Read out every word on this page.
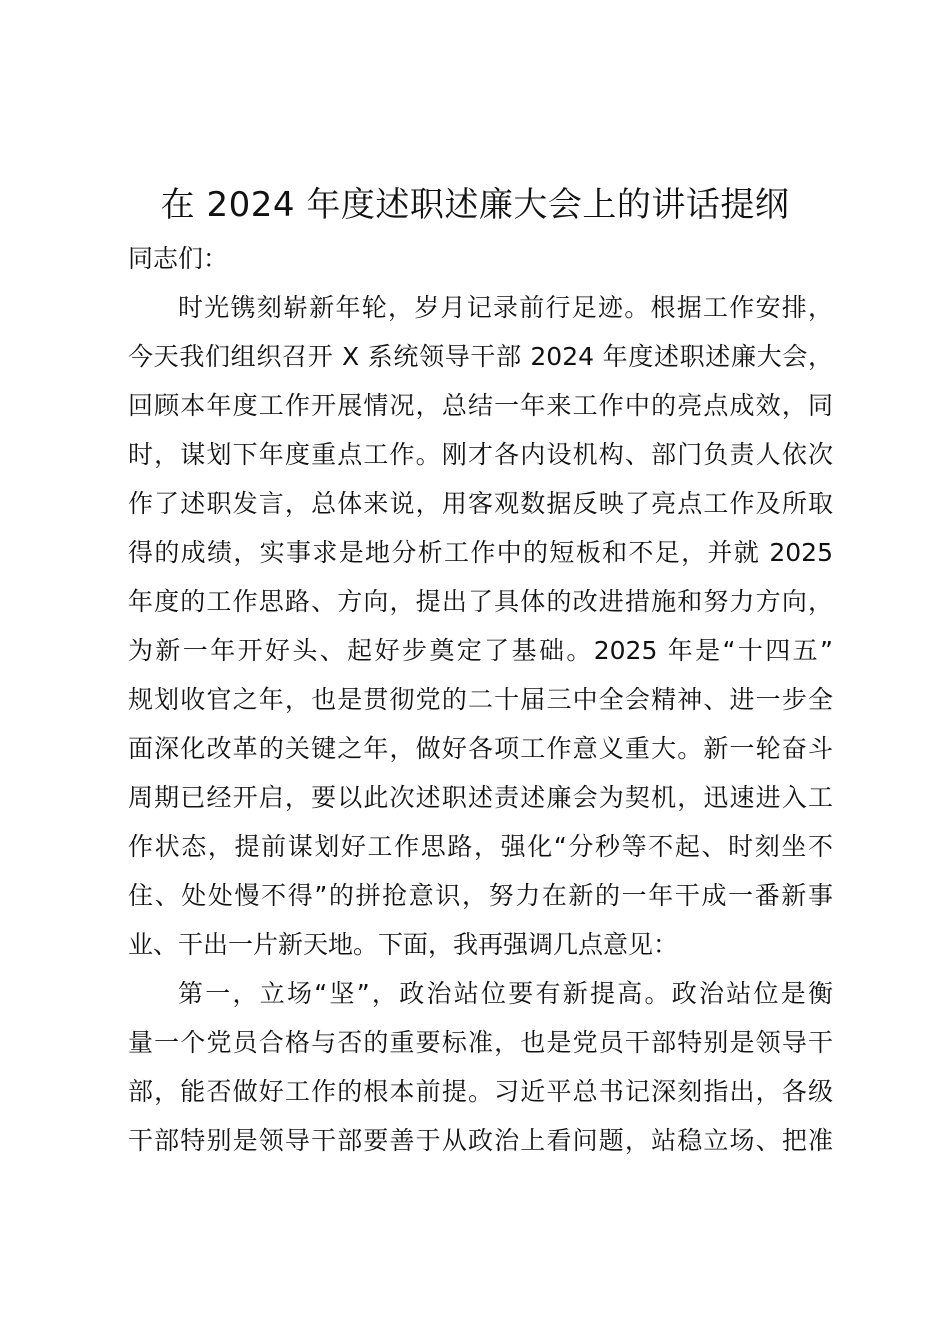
在 2024 年度述职述廉大会上的讲话提纲
同志们：
时光镌刻崭新年轮，岁月记录前行足迹。根据工作安排，
今天我们组织召开 X 系统领导干部 2024 年度述职述廉大会，
回顾本年度工作开展情况，总结一年来工作中的亮点成效，同
时，谋划下年度重点工作。刚才各内设机构、部门负责人依次
作了述职发言，总体来说，用客观数据反映了亮点工作及所取
得的成绩，实事求是地分析工作中的短板和不足，并就 2025
年度的工作思路、方向，提出了具体的改进措施和努力方向，
为新一年开好头、起好步奠定了基础。2025 年是“十四五”
规划收官之年，也是贯彻党的二十届三中全会精神、进一步全
面深化改革的关键之年，做好各项工作意义重大。新一轮奋斗
周期已经开启，要以此次述职述责述廉会为契机，迅速进入工
作状态，提前谋划好工作思路，强化“分秒等不起、时刻坐不
住、处处慢不得”的拼抢意识，努力在新的一年干成一番新事
业、干出一片新天地。下面，我再强调几点意见：
第一，立场“坚”，政治站位要有新提高。政治站位是衡
量一个党员合格与否的重要标准，也是党员干部特别是领导干
部，能否做好工作的根本前提。习近平总书记深刻指出，各级
干部特别是领导干部要善于从政治上看问题，站稳立场、把准
